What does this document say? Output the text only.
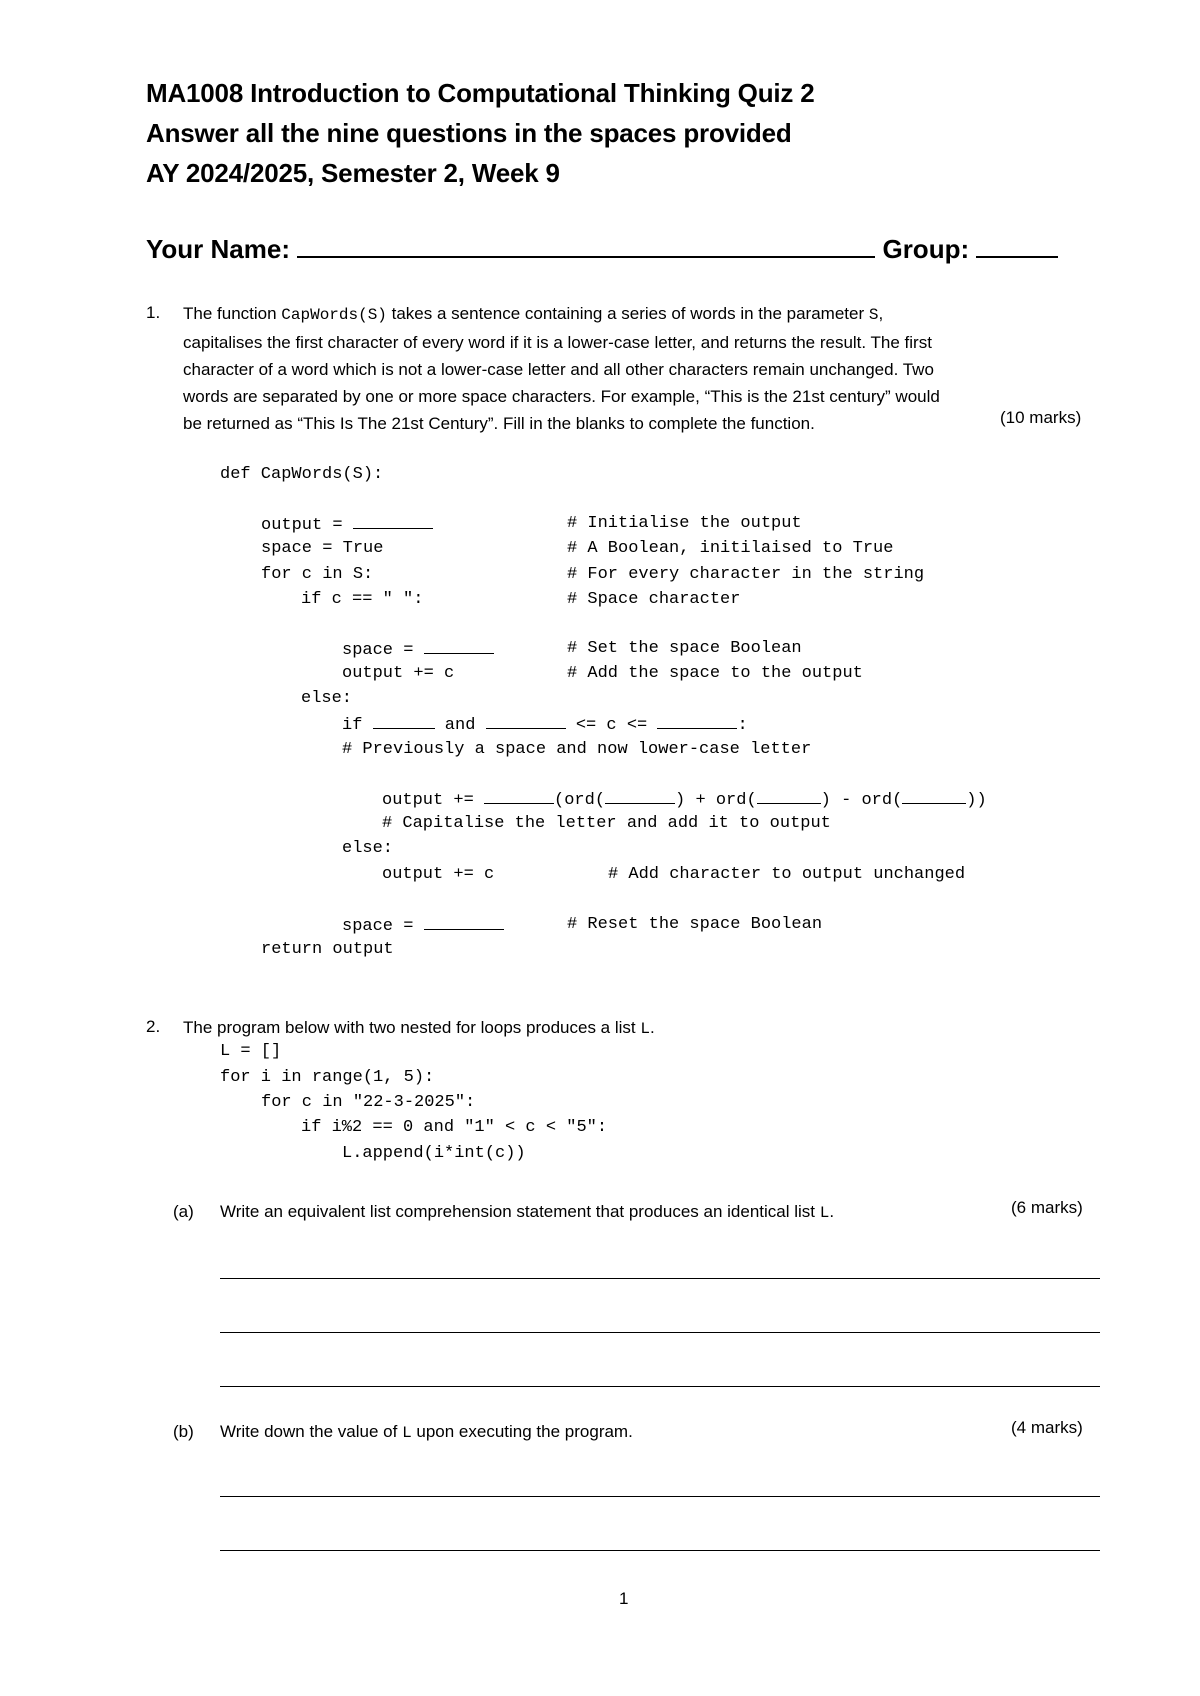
MA1008 Introduction to Computational Thinking Quiz 2
Answer all the nine questions in the spaces provided
AY 2024/2025, Semester 2, Week 9
Your Name:	Group:
1. The function CapWords(S) takes a sentence containing a series of words in the parameter S,
capitalises the first character of every word if it is a lower-case letter, and returns the result. The first
character of a word which is not a lower-case letter and all other characters remain unchanged. Two
words are separated by one or more space characters. For example, “This is the 21st century” would
be returned as “This Is The 21st Century”. Fill in the blanks to complete the function.	(10 marks)
def CapWords(S):
output =	# Initialise the output
space = True	# A Boolean, initilaised to True
for c in S:	# For every character in the string
if c == " ":	# Space character
space =	# Set the space Boolean
output += c	# Add the space to the output
else:
if	and	<= c <=	:
# Previously a space and now lower-case letter
output +=	(ord(	) + ord(	) - ord(	))
# Capitalise the letter and add it to output
else:
output += c	# Add character to output unchanged
space =	# Reset the space Boolean
return output
2. The program below with two nested for loops produces a list L.
L = []
for i in range(1, 5):
for c in "22-3-2025":
if i%2 == 0 and "1" < c < "5":
L.append(i*int(c))
(a) Write an equivalent list comprehension statement that produces an identical list L.	(6 marks)
(b) Write down the value of L upon executing the program.	(4 marks)
1
